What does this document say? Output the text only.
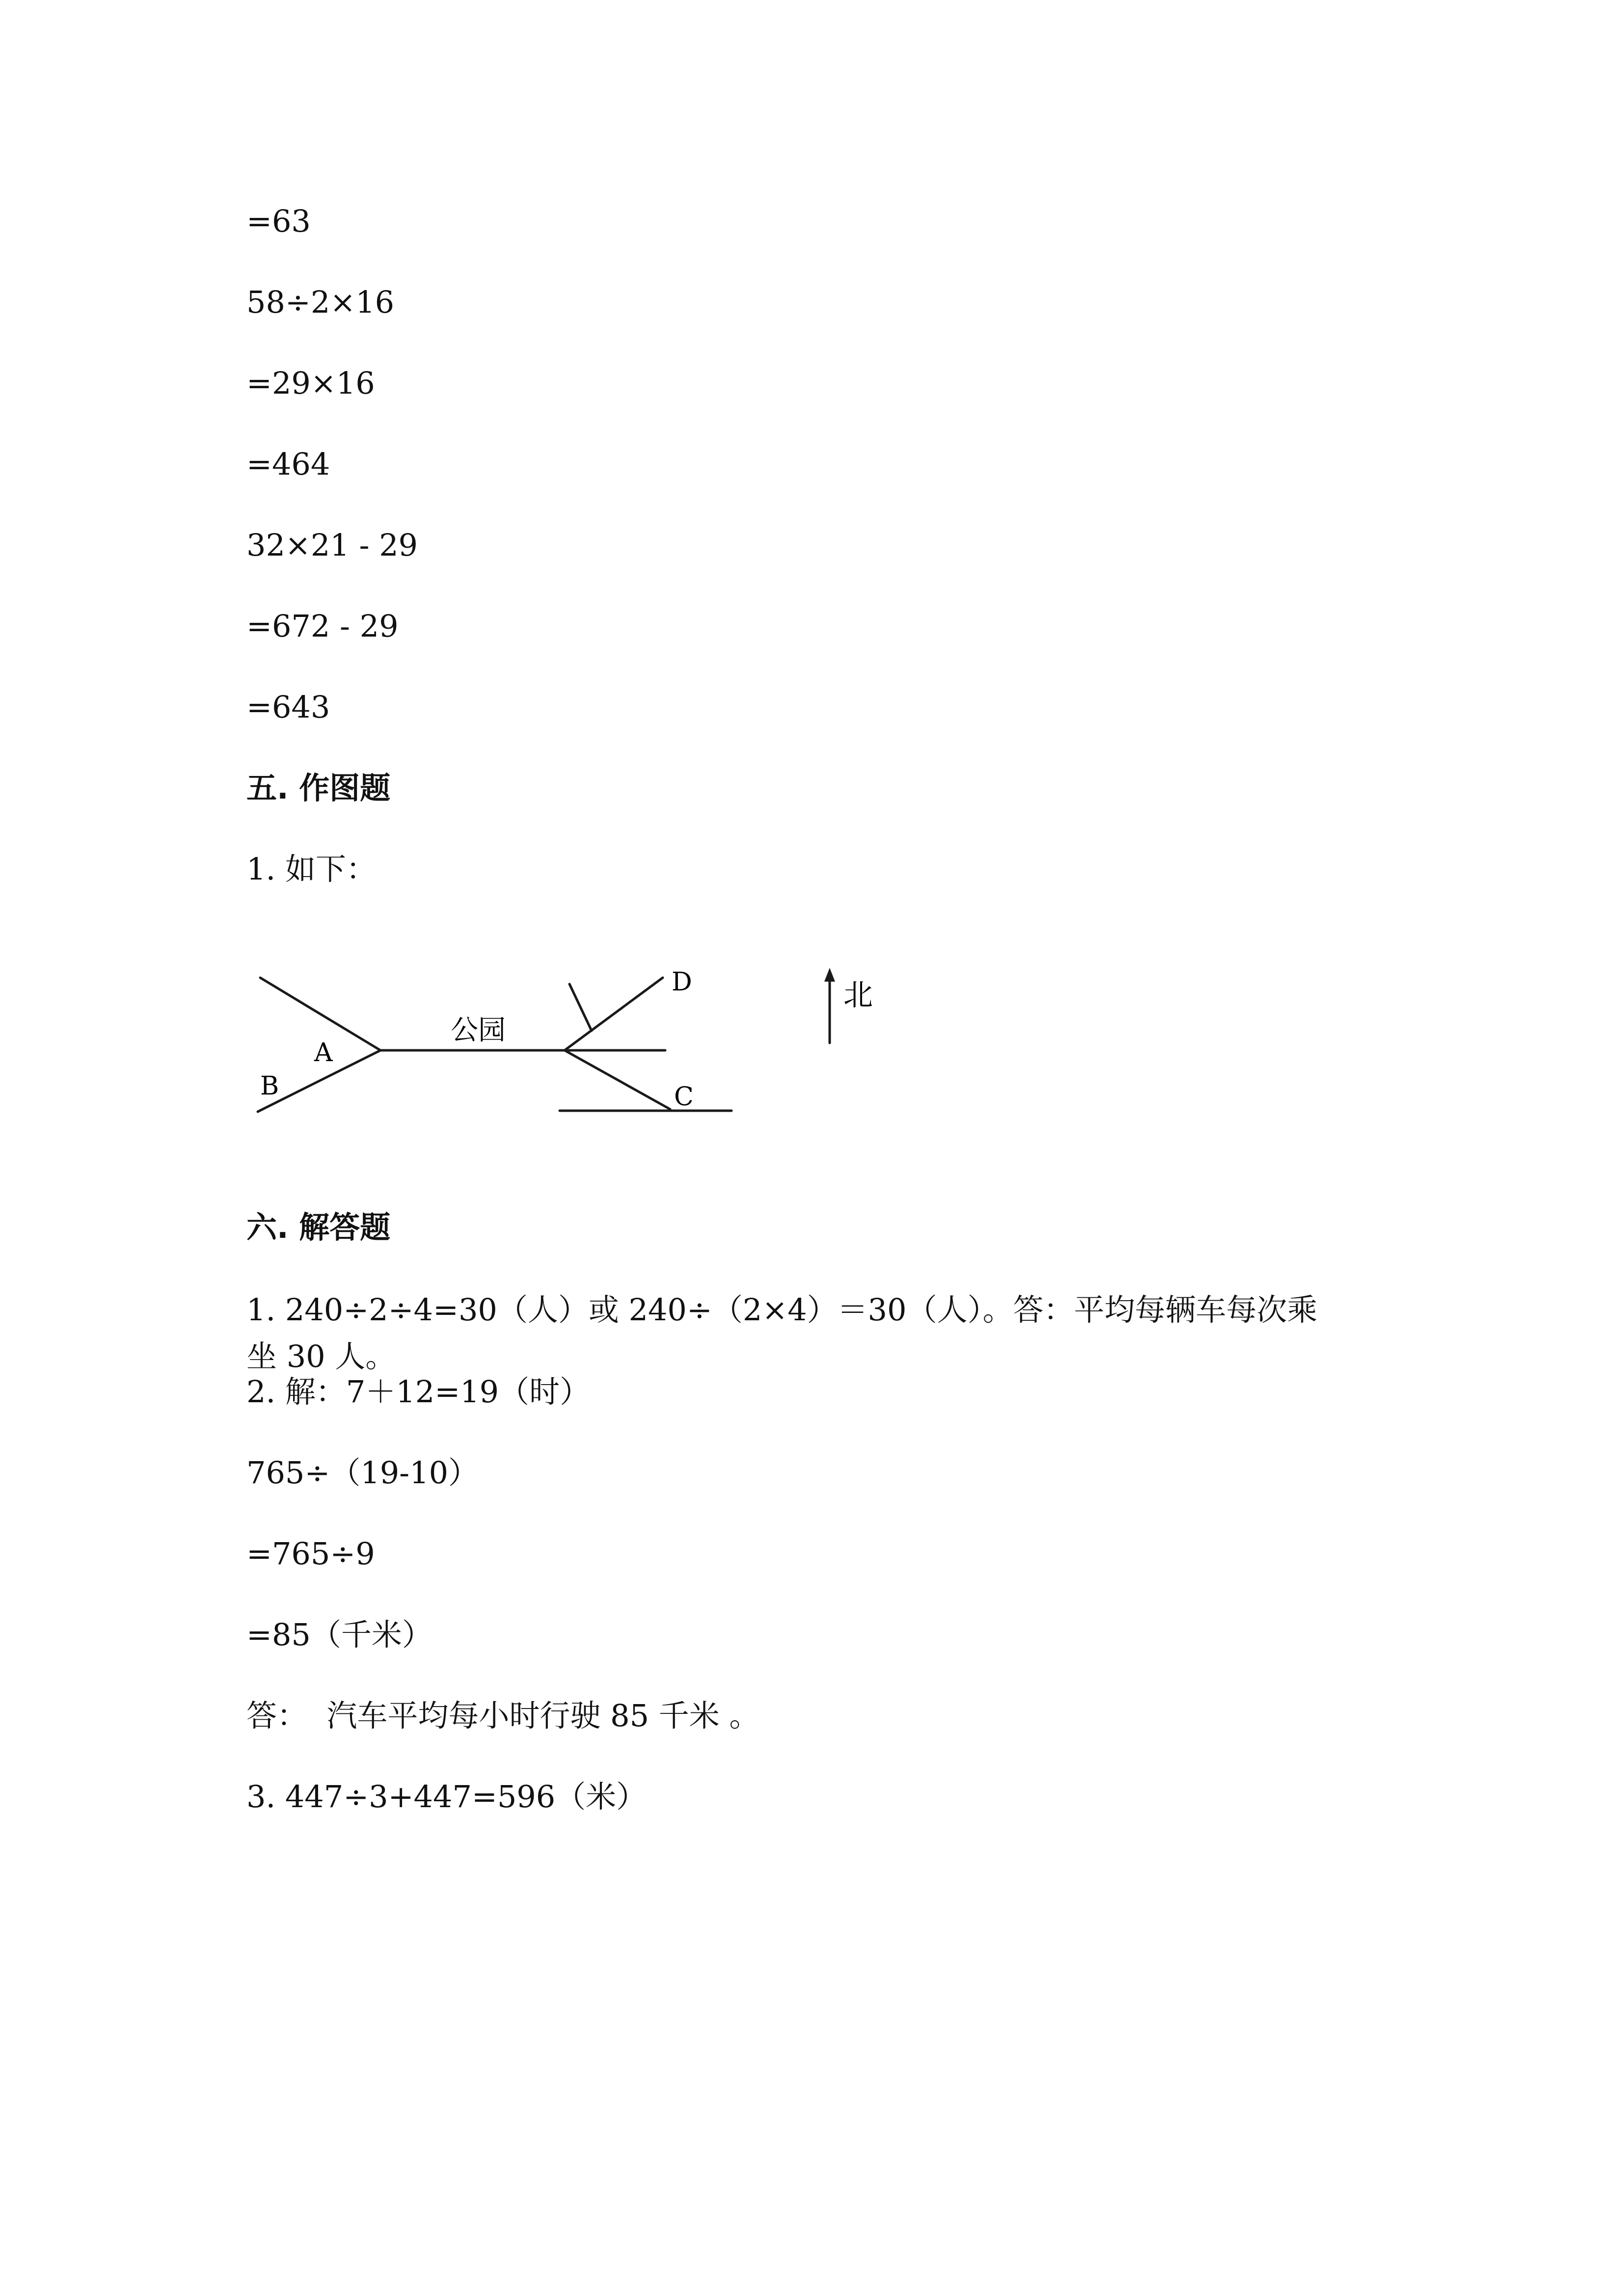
=63
58÷2×16
=29×16
=464
32×21 - 29
=672 - 29
=643
五. 作图题
1. 如下：
公园
A
B
D
C
北
六. 解答题
1. 240÷2÷4=30（人）或 240÷（2×4）＝30（人）。答：平均每辆车每次乘
坐 30 人。
2. 解：7＋12=19（时）
765÷（19-10）
=765÷9
=85（千米）
答：  汽车平均每小时行驶 85 千米 。
3. 447÷3+447=596（米）
